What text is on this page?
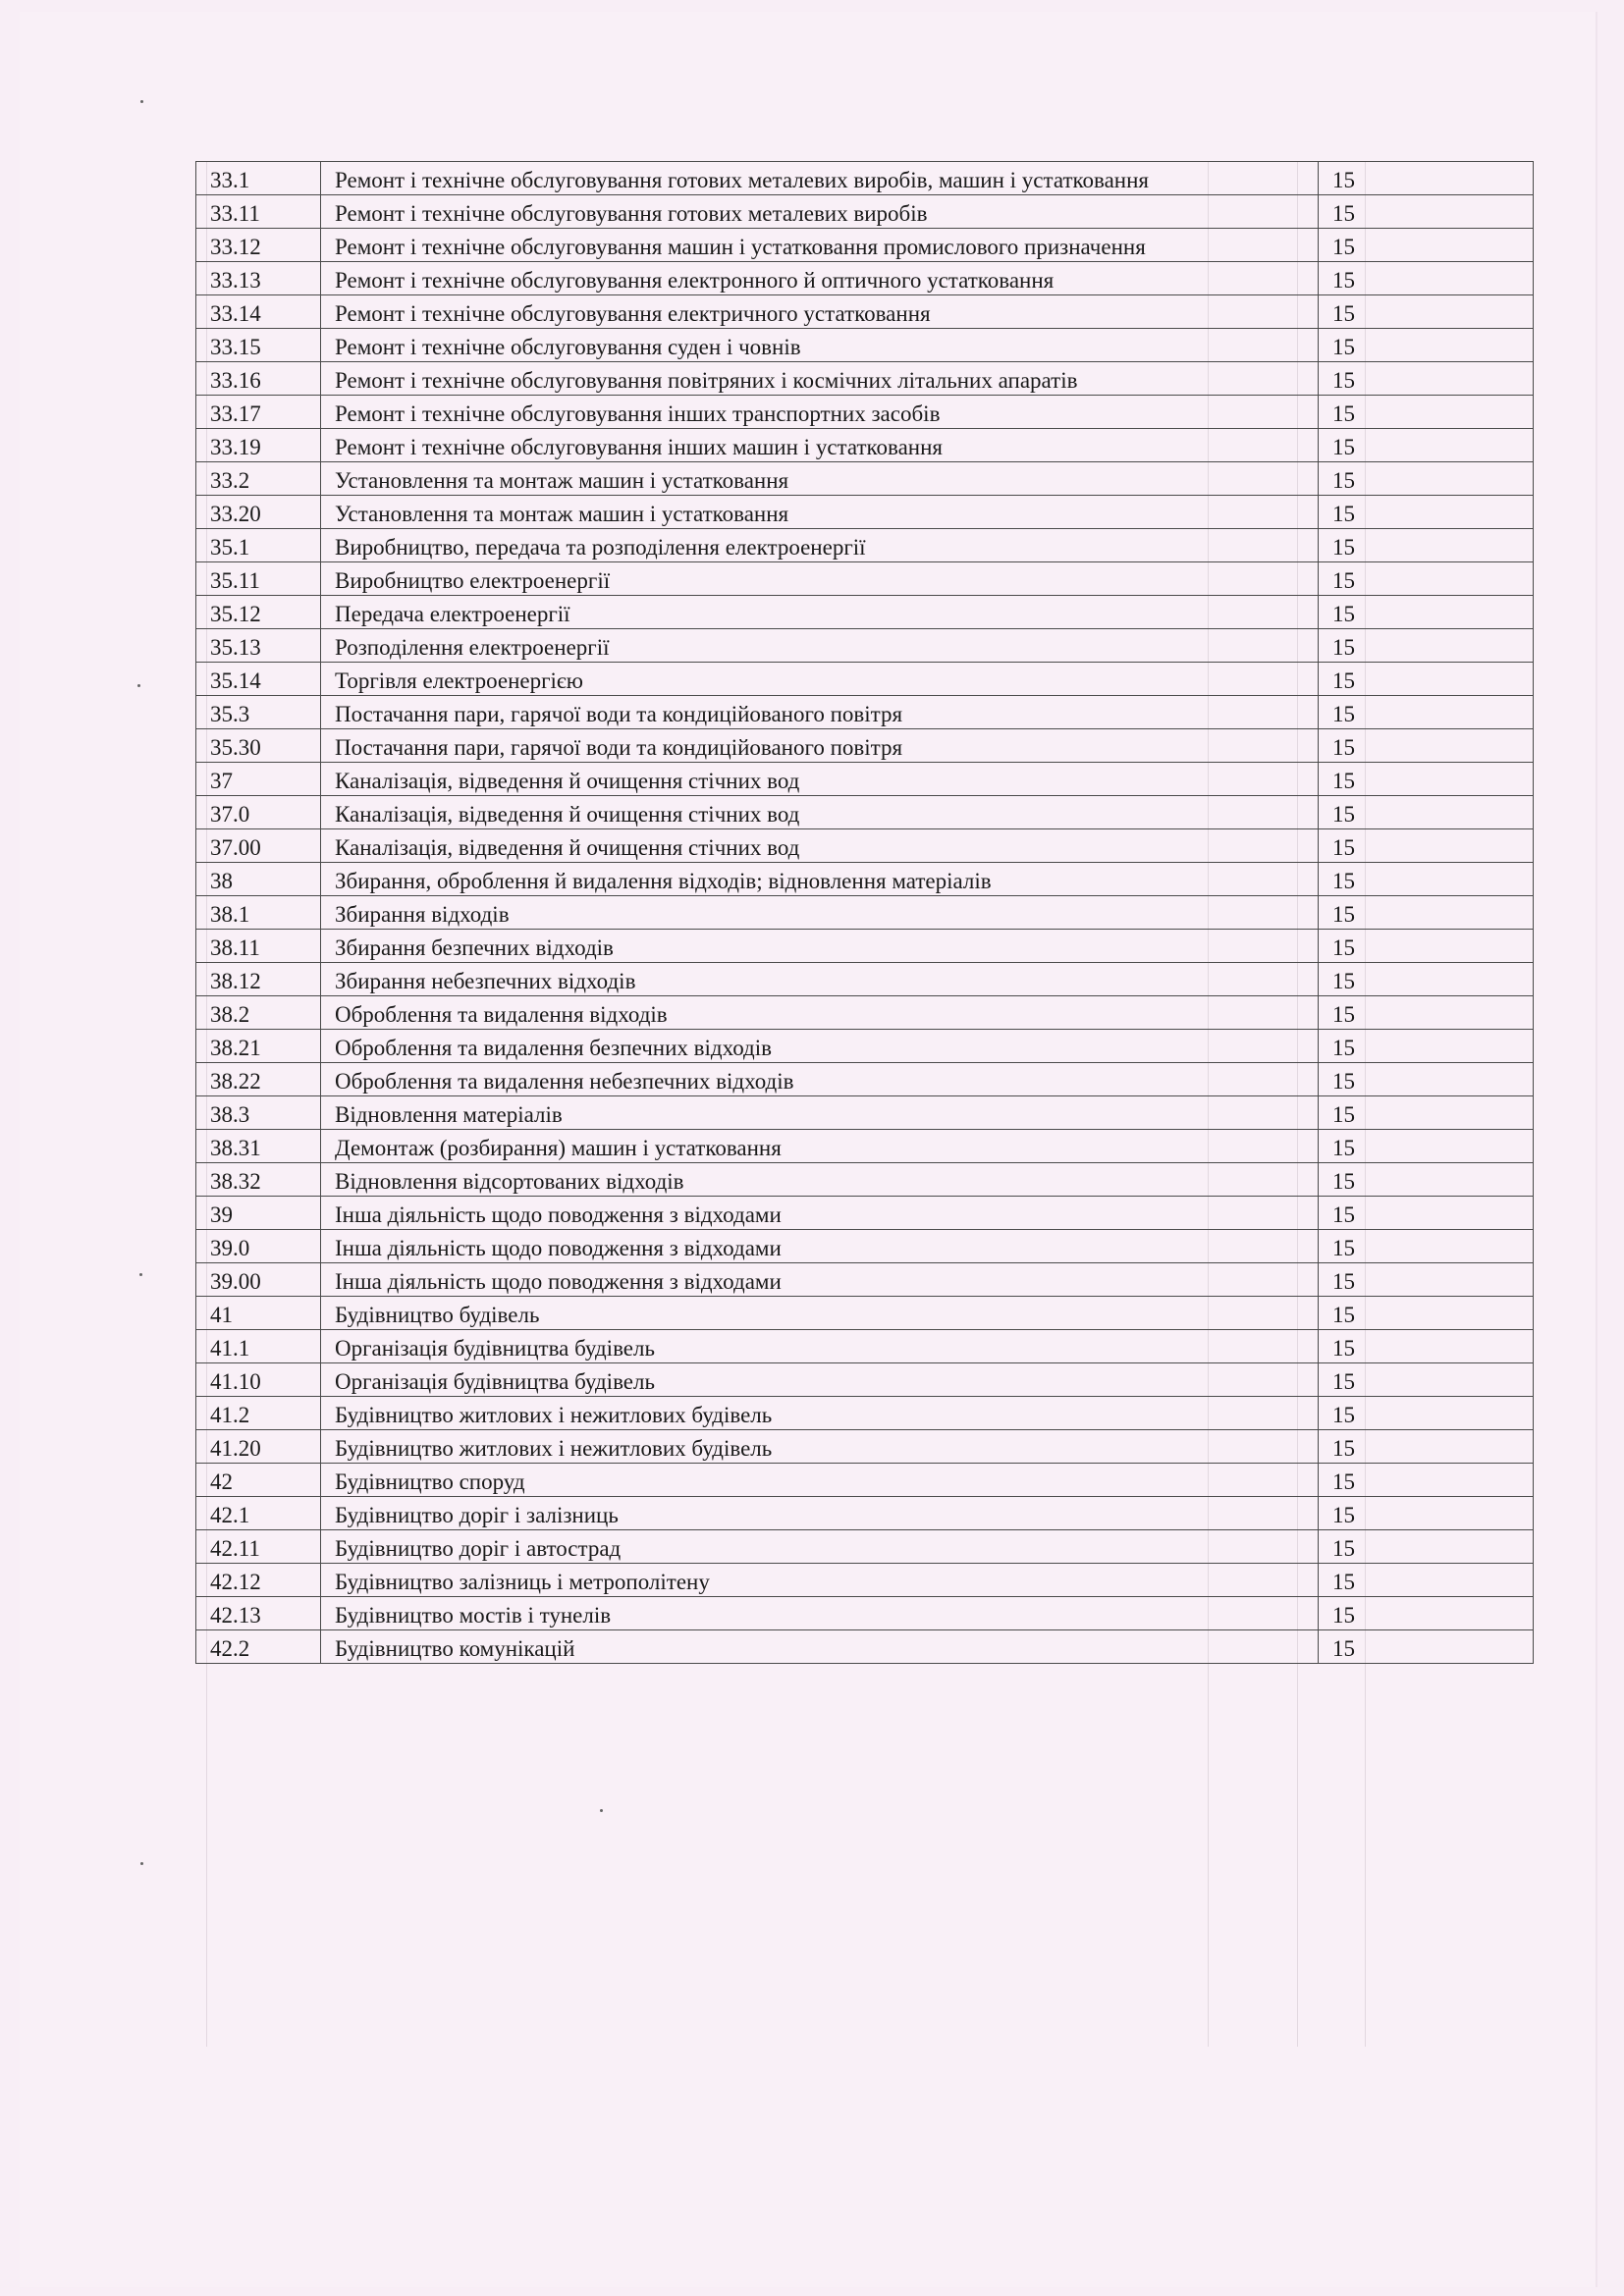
33.1	Ремонт і технічне обслуговування готових металевих виробів, машин і устатковання	15
33.11	Ремонт і технічне обслуговування готових металевих виробів	15
33.12	Ремонт і технічне обслуговування машин і устатковання промислового призначення	15
33.13	Ремонт і технічне обслуговування електронного й оптичного устатковання	15
33.14	Ремонт і технічне обслуговування електричного устатковання	15
33.15	Ремонт і технічне обслуговування суден і човнів	15
33.16	Ремонт і технічне обслуговування повітряних і космічних літальних апаратів	15
33.17	Ремонт і технічне обслуговування інших транспортних засобів	15
33.19	Ремонт і технічне обслуговування інших машин і устатковання	15
33.2	Установлення та монтаж машин і устатковання	15
33.20	Установлення та монтаж машин і устатковання	15
35.1	Виробництво, передача та розподілення електроенергії	15
35.11	Виробництво електроенергії	15
35.12	Передача електроенергії	15
35.13	Розподілення електроенергії	15
35.14	Торгівля електроенергією	15
35.3	Постачання пари, гарячої води та кондиційованого повітря	15
35.30	Постачання пари, гарячої води та кондиційованого повітря	15
37	Каналізація, відведення й очищення стічних вод	15
37.0	Каналізація, відведення й очищення стічних вод	15
37.00	Каналізація, відведення й очищення стічних вод	15
38	Збирання, оброблення й видалення відходів; відновлення матеріалів	15
38.1	Збирання відходів	15
38.11	Збирання безпечних відходів	15
38.12	Збирання небезпечних відходів	15
38.2	Оброблення та видалення відходів	15
38.21	Оброблення та видалення безпечних відходів	15
38.22	Оброблення та видалення небезпечних відходів	15
38.3	Відновлення матеріалів	15
38.31	Демонтаж (розбирання) машин і устатковання	15
38.32	Відновлення відсортованих відходів	15
39	Інша діяльність щодо поводження з відходами	15
39.0	Інша діяльність щодо поводження з відходами	15
39.00	Інша діяльність щодо поводження з відходами	15
41	Будівництво будівель	15
41.1	Організація будівництва будівель	15
41.10	Організація будівництва будівель	15
41.2	Будівництво житлових і нежитлових будівель	15
41.20	Будівництво житлових і нежитлових будівель	15
42	Будівництво споруд	15
42.1	Будівництво доріг і залізниць	15
42.11	Будівництво доріг і автострад	15
42.12	Будівництво залізниць і метрополітену	15
42.13	Будівництво мостів і тунелів	15
42.2	Будівництво комунікацій	15
